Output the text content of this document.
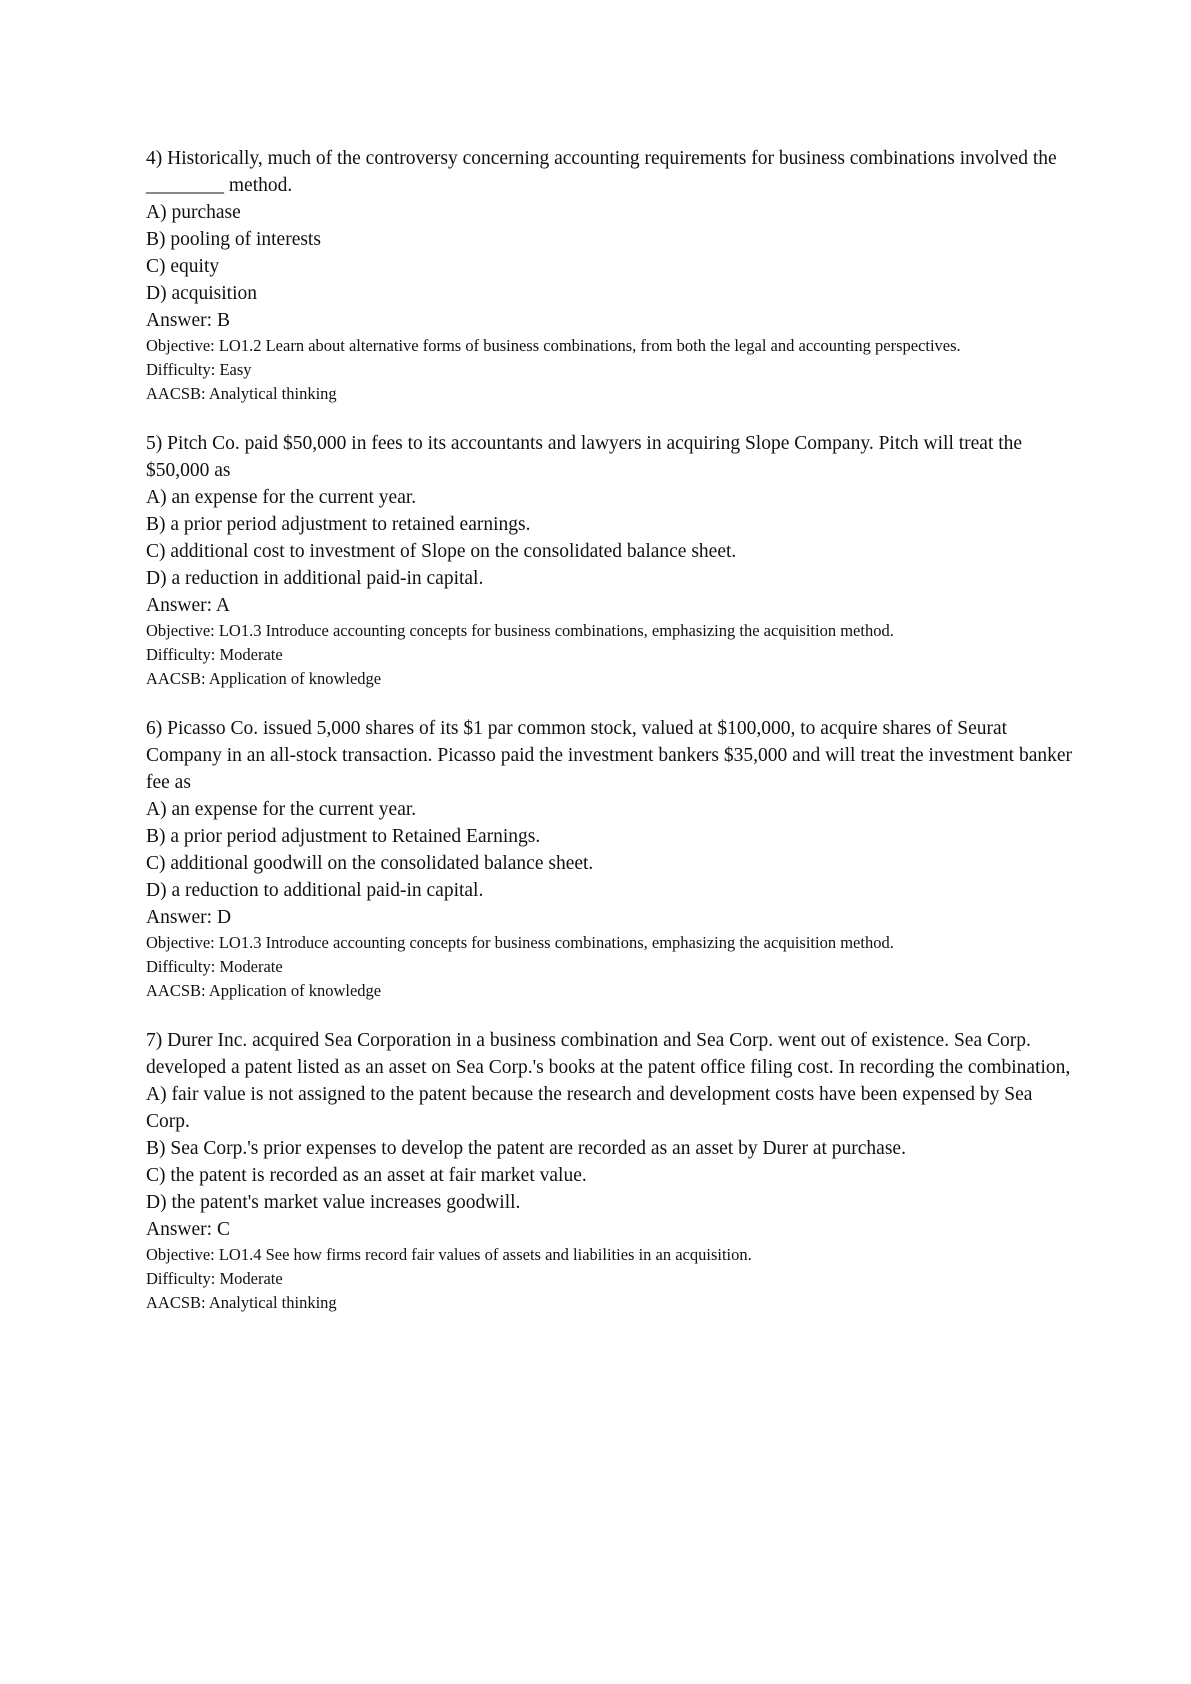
4) Historically, much of the controversy concerning accounting requirements for business combinations involved the ________ method.

A) purchase

B) pooling of interests

C) equity

D) acquisition

Answer: B

Objective: LO1.2 Learn about alternative forms of business combinations, from both the legal and accounting perspectives.

Difficulty: Easy

AACSB: Analytical thinking

5) Pitch Co. paid $50,000 in fees to its accountants and lawyers in acquiring Slope Company. Pitch will treat the $50,000 as

A) an expense for the current year.

B) a prior period adjustment to retained earnings.

C) additional cost to investment of Slope on the consolidated balance sheet.

D) a reduction in additional paid-in capital.

Answer: A

Objective: LO1.3 Introduce accounting concepts for business combinations, emphasizing the acquisition method.

Difficulty: Moderate

AACSB: Application of knowledge

6) Picasso Co. issued 5,000 shares of its $1 par common stock, valued at $100,000, to acquire shares of Seurat Company in an all-stock transaction. Picasso paid the investment bankers $35,000 and will treat the investment banker fee as

A) an expense for the current year.

B) a prior period adjustment to Retained Earnings.

C) additional goodwill on the consolidated balance sheet.

D) a reduction to additional paid-in capital.

Answer: D

Objective: LO1.3 Introduce accounting concepts for business combinations, emphasizing the acquisition method.

Difficulty: Moderate

AACSB: Application of knowledge

7) Durer Inc. acquired Sea Corporation in a business combination and Sea Corp. went out of existence. Sea Corp. developed a patent listed as an asset on Sea Corp.'s books at the patent office filing cost. In recording the combination,

A) fair value is not assigned to the patent because the research and development costs have been expensed by Sea Corp.

B) Sea Corp.'s prior expenses to develop the patent are recorded as an asset by Durer at purchase.

C) the patent is recorded as an asset at fair market value.

D) the patent's market value increases goodwill.

Answer: C

Objective: LO1.4 See how firms record fair values of assets and liabilities in an acquisition.

Difficulty: Moderate

AACSB: Analytical thinking
